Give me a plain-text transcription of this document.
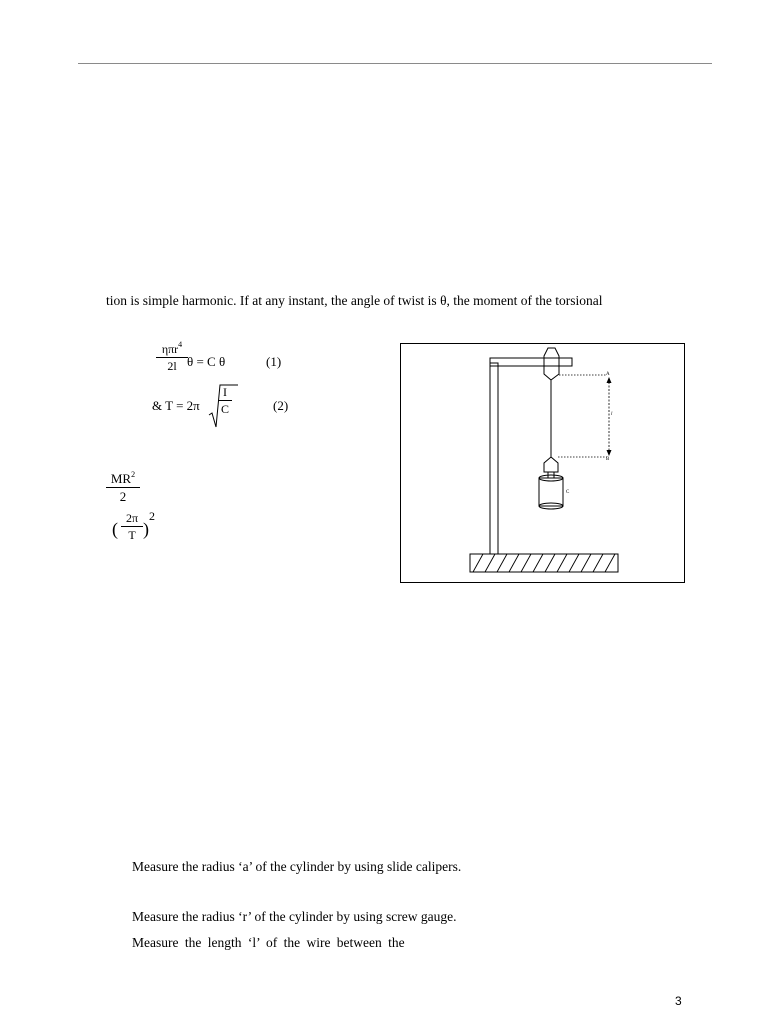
tion is simple harmonic. If at any instant, the angle of twist is θ, the moment of the torsional
ηπr$^4$
2l θ = C θ	(1)
& T = 2π
I
C	(2)
$MR^2$
2
(
2π
T )
2
A
l
B
C
Measure the radius ‘a’ of the cylinder by using slide calipers.
Measure the radius ‘r’ of the cylinder by using screw gauge.
Measure the length ‘l’ of the wire between the
3
